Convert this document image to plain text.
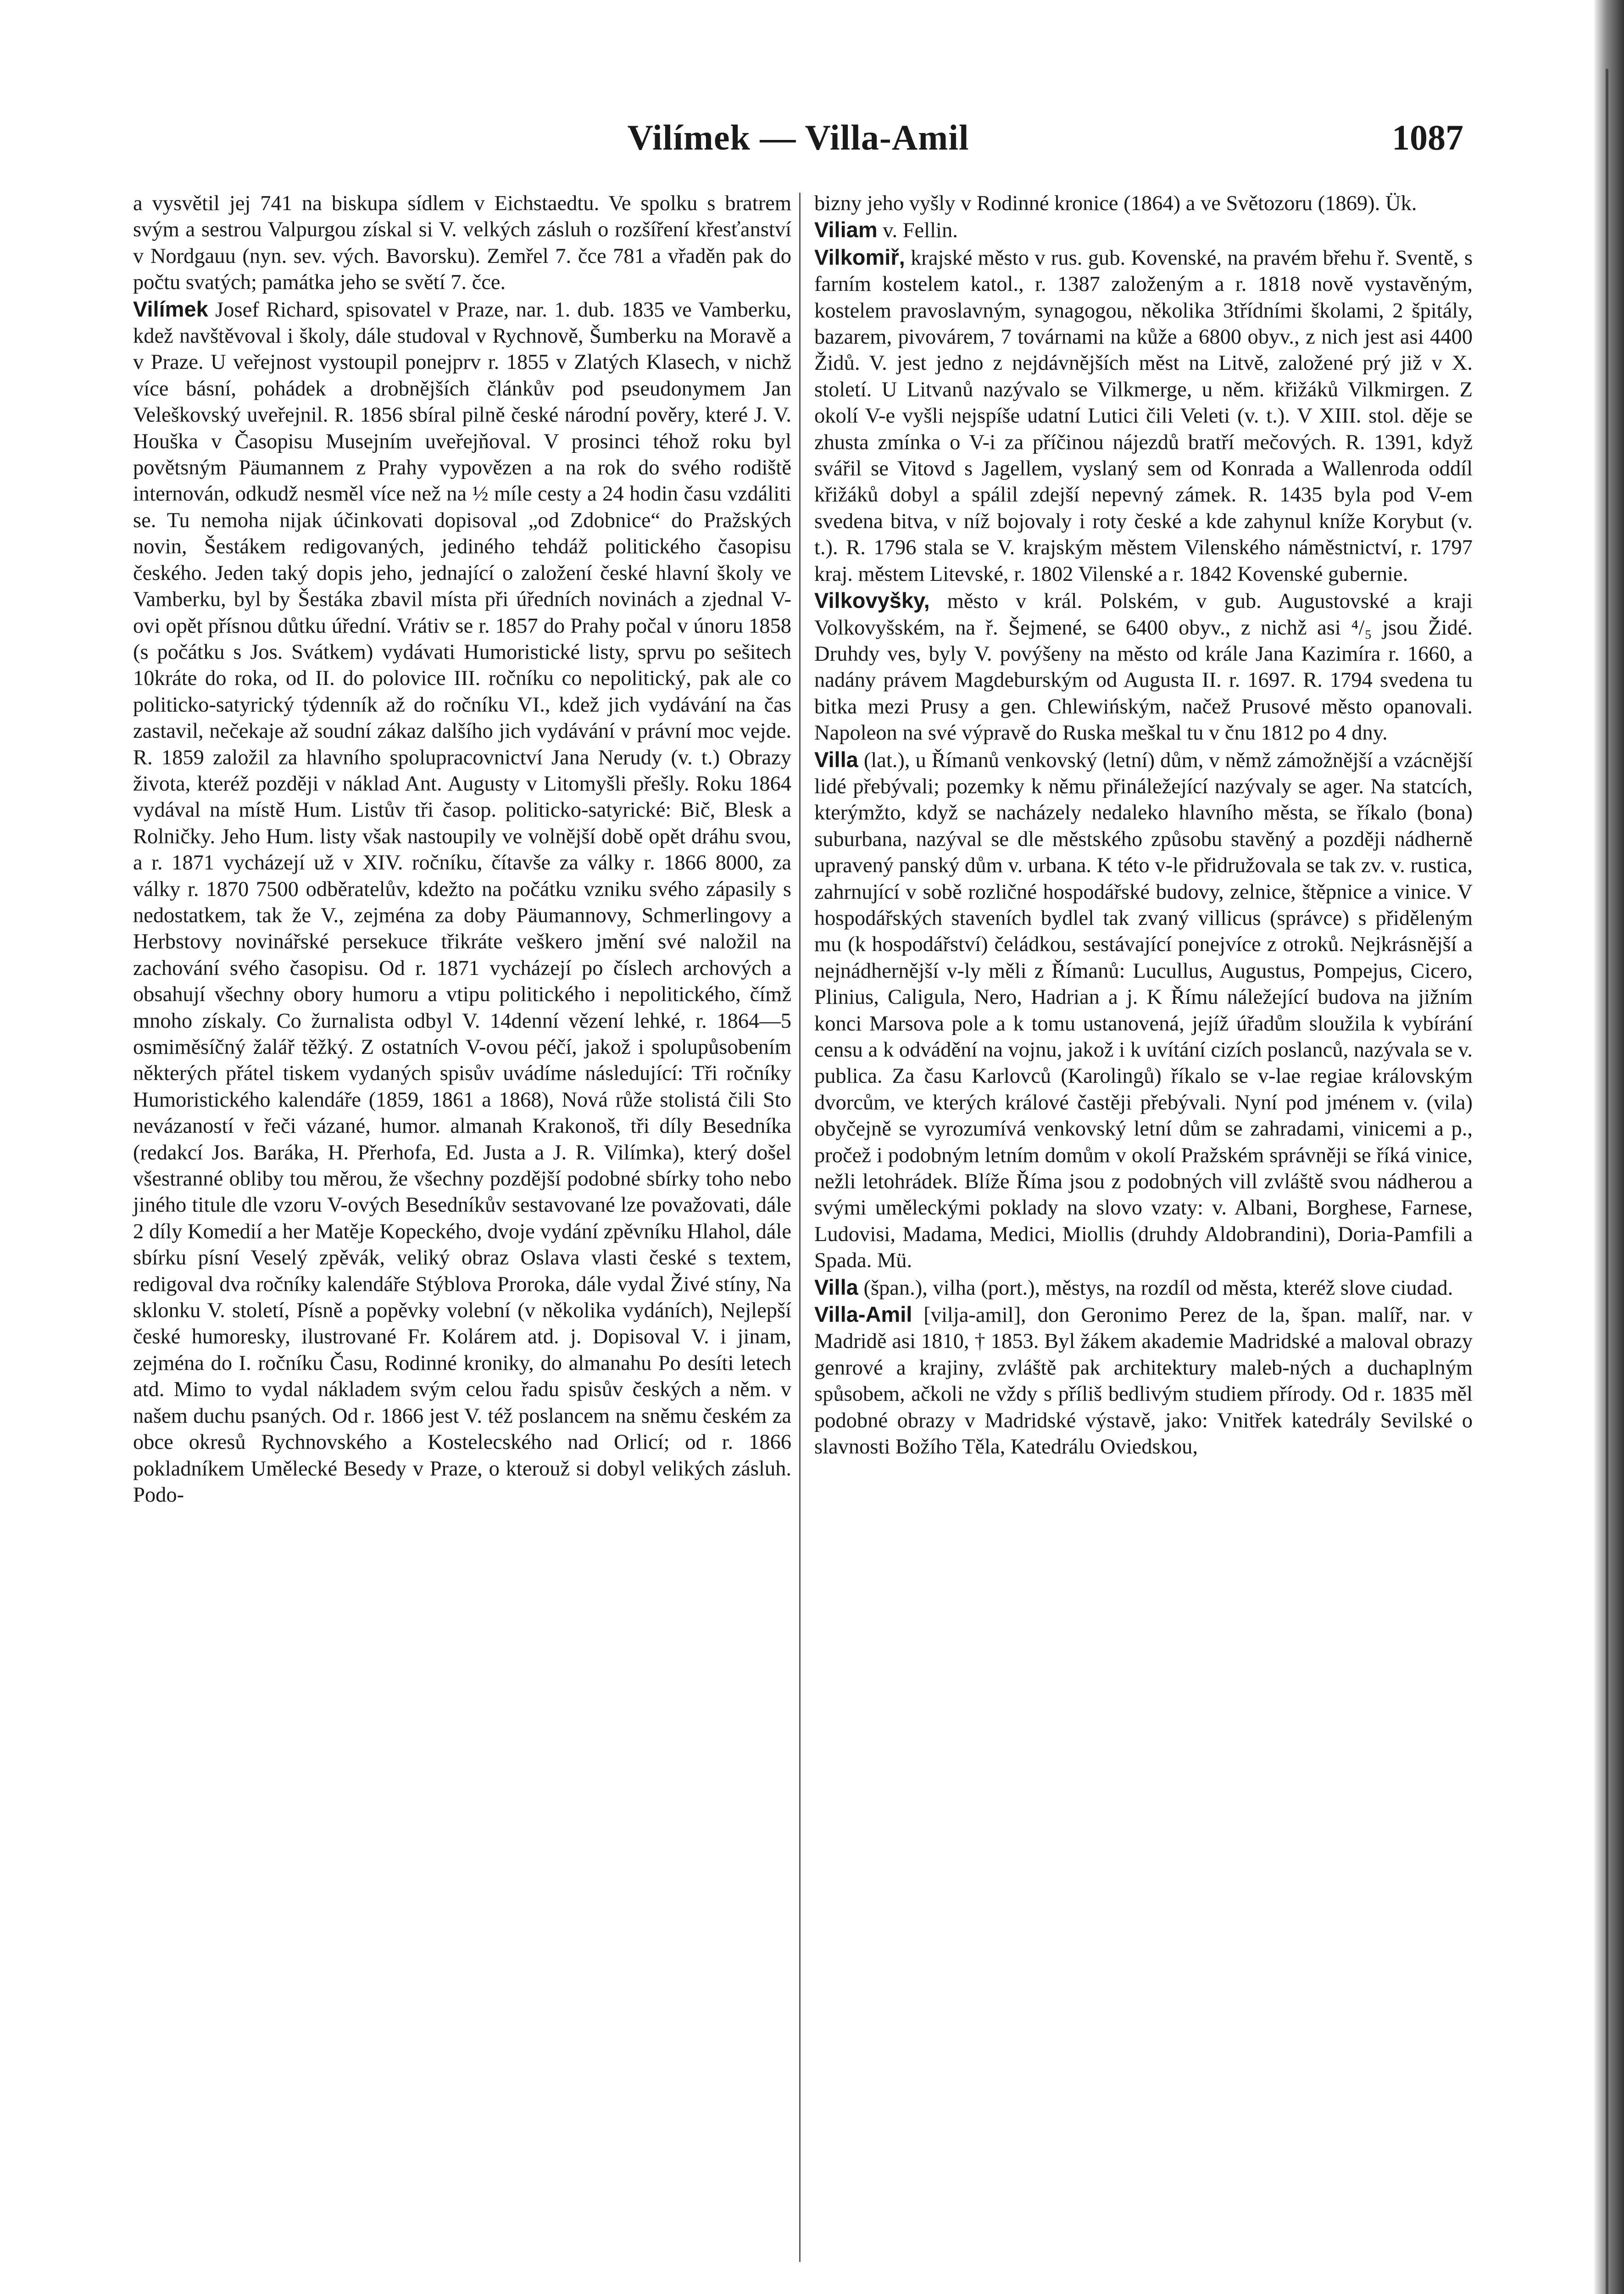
Vilímek — Villa-Amil	1087

a vysvětil jej 741 na biskupa sídlem v Eichstaedtu. Ve spolku s bratrem svým a sestrou Valpurgou získal si V. velkých zásluh o rozšíření křesťanství v Nordgauu (nyn. sev. vých. Bavorsku). Zemřel 7. čce 781 a vřaděn pak do počtu svatých; památka jeho se světí 7. čce.

Vilímek Josef Richard, spisovatel v Praze, nar. 1. dub. 1835 ve Vamberku, kdež navštěvoval i školy, dále studoval v Rychnově, Šumberku na Moravě a v Praze. U veřejnost vystoupil ponejprv r. 1855 v Zlatých Klasech, v nichž více básní, pohádek a drobnějších článkův pod pseudonymem Jan Veleškovský uveřejnil. R. 1856 sbíral pilně české národní pověry, které J. V. Houška v Časopisu Musejním uveřejňoval. V prosinci téhož roku byl povětsným Päumannem z Prahy vypovězen a na rok do svého rodiště internován, odkudž nesměl více než na ½ míle cesty a 24 hodin času vzdáliti se. Tu nemoha nijak účinkovati dopisoval „od Zdobnice“ do Pražských novin, Šestákem redigovaných, jediného tehdáž politického časopisu českého. Jeden taký dopis jeho, jednající o založení české hlavní školy ve Vamberku, byl by Šestáka zbavil místa při úředních novinách a zjednal V-ovi opět přísnou důtku úřední. Vrátiv se r. 1857 do Prahy počal v únoru 1858 (s počátku s Jos. Svátkem) vydávati Humoristické listy, sprvu po sešitech 10kráte do roka, od II. do polovice III. ročníku co nepolitický, pak ale co politicko-satyrický týdenník až do ročníku VI., kdež jich vydávání na čas zastavil, nečekaje až soudní zákaz dalšího jich vydávání v právní moc vejde. R. 1859 založil za hlavního spolupracovnictví Jana Nerudy (v. t.) Obrazy života, kteréž později v náklad Ant. Augusty v Litomyšli přešly. Roku 1864 vydával na místě Hum. Listův tři časop. politicko-satyrické: Bič, Blesk a Rolničky. Jeho Hum. listy však nastoupily ve volnější době opět dráhu svou, a r. 1871 vycházejí už v XIV. ročníku, čítavše za války r. 1866 8000, za války r. 1870 7500 odběratelův, kdežto na počátku vzniku svého zápasily s nedostatkem, tak že V., zejména za doby Päumannovy, Schmerlingovy a Herbstovy novinářské persekuce třikráte veškero jmění své naložil na zachování svého časopisu. Od r. 1871 vycházejí po číslech archových a obsahují všechny obory humoru a vtipu politického i nepolitického, čímž mnoho získaly. Co žurnalista odbyl V. 14denní vězení lehké, r. 1864—5 osmiměsíčný žalář těžký. Z ostatních V-ovou péčí, jakož i spolupůsobením některých přátel tiskem vydaných spisův uvádíme následující: Tři ročníky Humoristického kalendáře (1859, 1861 a 1868), Nová růže stolistá čili Sto nevázaností v řeči vázané, humor. almanah Krakonoš, tři díly Besedníka (redakcí Jos. Baráka, H. Přerhofa, Ed. Justa a J. R. Vilímka), který došel všestranné obliby tou měrou, že všechny pozdější podobné sbírky toho nebo jiného titule dle vzoru V-ových Besedníkův sestavované lze považovati, dále 2 díly Komedií a her Matěje Kopeckého, dvoje vydání zpěvníku Hlahol, dále sbírku písní Veselý zpěvák, veliký obraz Oslava vlasti české s textem, redigoval dva ročníky kalendáře Stýblova Proroka, dále vydal Živé stíny, Na sklonku V. století, Písně a popěvky volební (v několika vydáních), Nejlepší české humoresky, ilustrované Fr. Kolárem atd. j. Dopisoval V. i jinam, zejména do I. ročníku Času, Rodinné kroniky, do almanahu Po desíti letech atd. Mimo to vydal nákladem svým celou řadu spisův českých a něm. v našem duchu psaných. Od r. 1866 jest V. též poslancem na sněmu českém za obce okresů Rychnovského a Kostelecského nad Orlicí; od r. 1866 pokladníkem Umělecké Besedy v Praze, o kterouž si dobyl velikých zásluh. Podo-

bizny jeho vyšly v Rodinné kronice (1864) a ve Světozoru (1869). Ük.

Viliam v. Fellin.

Vilkomiř, krajské město v rus. gub. Kovenské, na pravém břehu ř. Sventě, s farním kostelem katol., r. 1387 založeným a r. 1818 nově vystavěným, kostelem pravoslavným, synagogou, několika 3třídními školami, 2 špitály, bazarem, pivovárem, 7 továrnami na kůže a 6800 obyv., z nich jest asi 4400 Židů. V. jest jedno z nejdávnějších měst na Litvě, založené prý již v X. století. U Litvanů nazývalo se Vilkmerge, u něm. křižáků Vilkmirgen. Z okolí V-e vyšli nejspíše udatní Lutici čili Veleti (v. t.). V XIII. stol. děje se zhusta zmínka o V-i za příčinou nájezdů bratří mečových. R. 1391, když svářil se Vitovd s Jagellem, vyslaný sem od Konrada a Wallenroda oddíl křižáků dobyl a spálil zdejší nepevný zámek. R. 1435 byla pod V-em svedena bitva, v níž bojovaly i roty české a kde zahynul kníže Korybut (v. t.). R. 1796 stala se V. krajským městem Vilenského náměstnictví, r. 1797 kraj. městem Litevské, r. 1802 Vilenské a r. 1842 Kovenské gubernie.

Vilkovyšky, město v král. Polském, v gub. Augustovské a kraji Volkovyšském, na ř. Šejmené, se 6400 obyv., z nichž asi ⁴/₅ jsou Židé. Druhdy ves, byly V. povýšeny na město od krále Jana Kazimíra r. 1660, a nadány právem Magdeburským od Augusta II. r. 1697. R. 1794 svedena tu bitka mezi Prusy a gen. Chlewińským, načež Prusové město opanovali. Napoleon na své výpravě do Ruska meškal tu v čnu 1812 po 4 dny.

Villa (lat.), u Římanů venkovský (letní) dům, v němž zámožnější a vzácnější lidé přebývali; pozemky k němu přináležející nazývaly se ager. Na statcích, kterýmžto, když se nacházely nedaleko hlavního města, se říkalo (bona) suburbana, nazýval se dle městského způsobu stavěný a později nádherně upravený panský dům v. urbana. K této v-le přidružovala se tak zv. v. rustica, zahrnující v sobě rozličné hospodářské budovy, zelnice, štěpnice a vinice. V hospodářských staveních bydlel tak zvaný villicus (správce) s přiděleným mu (k hospodářství) čeládkou, sestávající ponejvíce z otroků. Nejkrásnější a nejnádhernější v-ly měli z Římanů: Lucullus, Augustus, Pompejus, Cicero, Plinius, Caligula, Nero, Hadrian a j. K Římu náležející budova na jižním konci Marsova pole a k tomu ustanovená, jejíž úřadům sloužila k vybírání censu a k odvádění na vojnu, jakož i k uvítání cizích poslanců, nazývala se v. publica. Za času Karlovců (Karolingů) říkalo se v-lae regiae královským dvorcům, ve kterých králové častěji přebývali. Nyní pod jménem v. (vila) obyčejně se vyrozumívá venkovský letní dům se zahradami, vinicemi a p., pročež i podobným letním domům v okolí Pražském správněji se říká vinice, nežli letohrádek. Blíže Říma jsou z podobných vill zvláště svou nádherou a svými uměleckými poklady na slovo vzaty: v. Albani, Borghese, Farnese, Ludovisi, Madama, Medici, Miollis (druhdy Aldobrandini), Doria-Pamfili a Spada. Mü.

Villa (špan.), vilha (port.), městys, na rozdíl od města, kteréž slove ciudad.

Villa-Amil [vilja-amil], don Geronimo Perez de la, špan. malíř, nar. v Madridě asi 1810, † 1853. Byl žákem akademie Madridské a maloval obrazy genrové a krajiny, zvláště pak architektury maleb-ných a duchaplným spůsobem, ačkoli ne vždy s příliš bedlivým studiem přírody. Od r. 1835 měl podobné obrazy v Madridské výstavě, jako: Vnitřek katedrály Sevilské o slavnosti Božího Těla, Katedrálu Oviedskou,
